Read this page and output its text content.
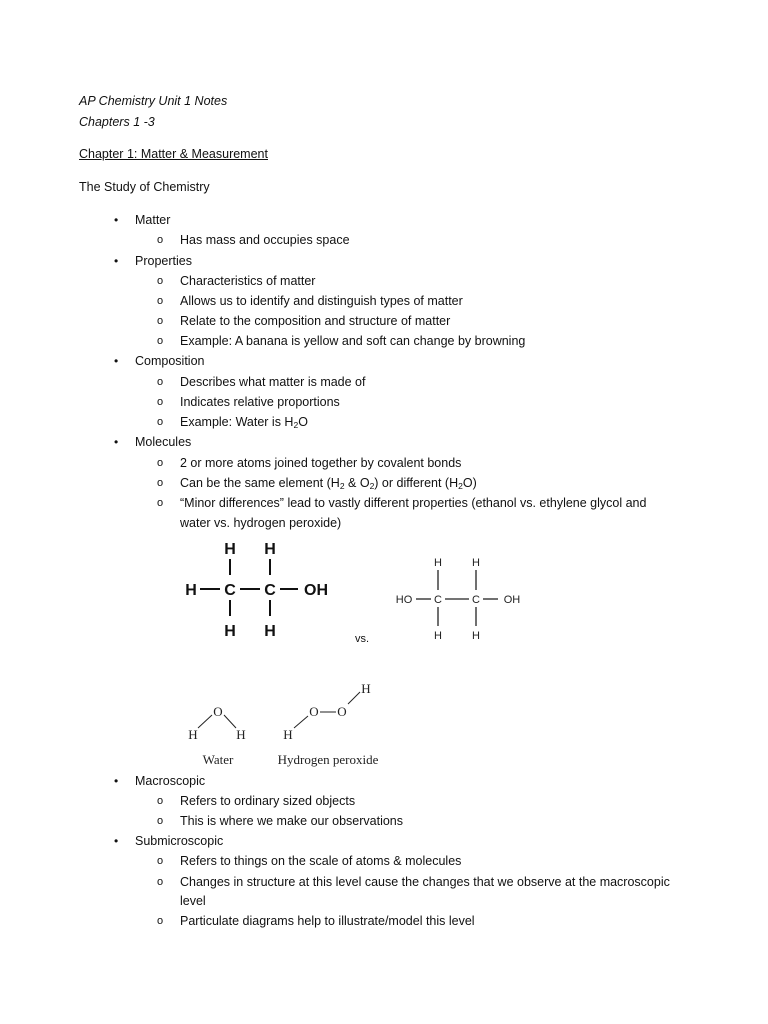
AP Chemistry Unit 1 Notes
Chapters 1 -3
Chapter 1: Matter & Measurement
The Study of Chemistry
• Matter
o Has mass and occupies space
• Properties
o Characteristics of matter
o Allows us to identify and distinguish types of matter
o Relate to the composition and structure of matter
o Example: A banana is yellow and soft can change by browning
• Composition
o Describes what matter is made of
o Indicates relative proportions
o Example: Water is $H_2O$
• Molecules
o 2 or more atoms joined together by covalent bonds
o Can be the same element ($H_2$ & $O_2$) or different $(H_2O)$
o “Minor differences” lead to vastly different properties (ethanol vs. ethylene glycol and
water vs. hydrogen peroxide)
H H
H C C OH
H H	vs.
H	H
HO C	C OH
H	H
O
H	H
Water
H
O O
H
Hydrogen peroxide
• Macroscopic
o Refers to ordinary sized objects
o This is where we make our observations
• Submicroscopic
o Refers to things on the scale of atoms & molecules
o Changes in structure at this level cause the changes that we observe at the macroscopic
level
o Particulate diagrams help to illustrate/model this level
